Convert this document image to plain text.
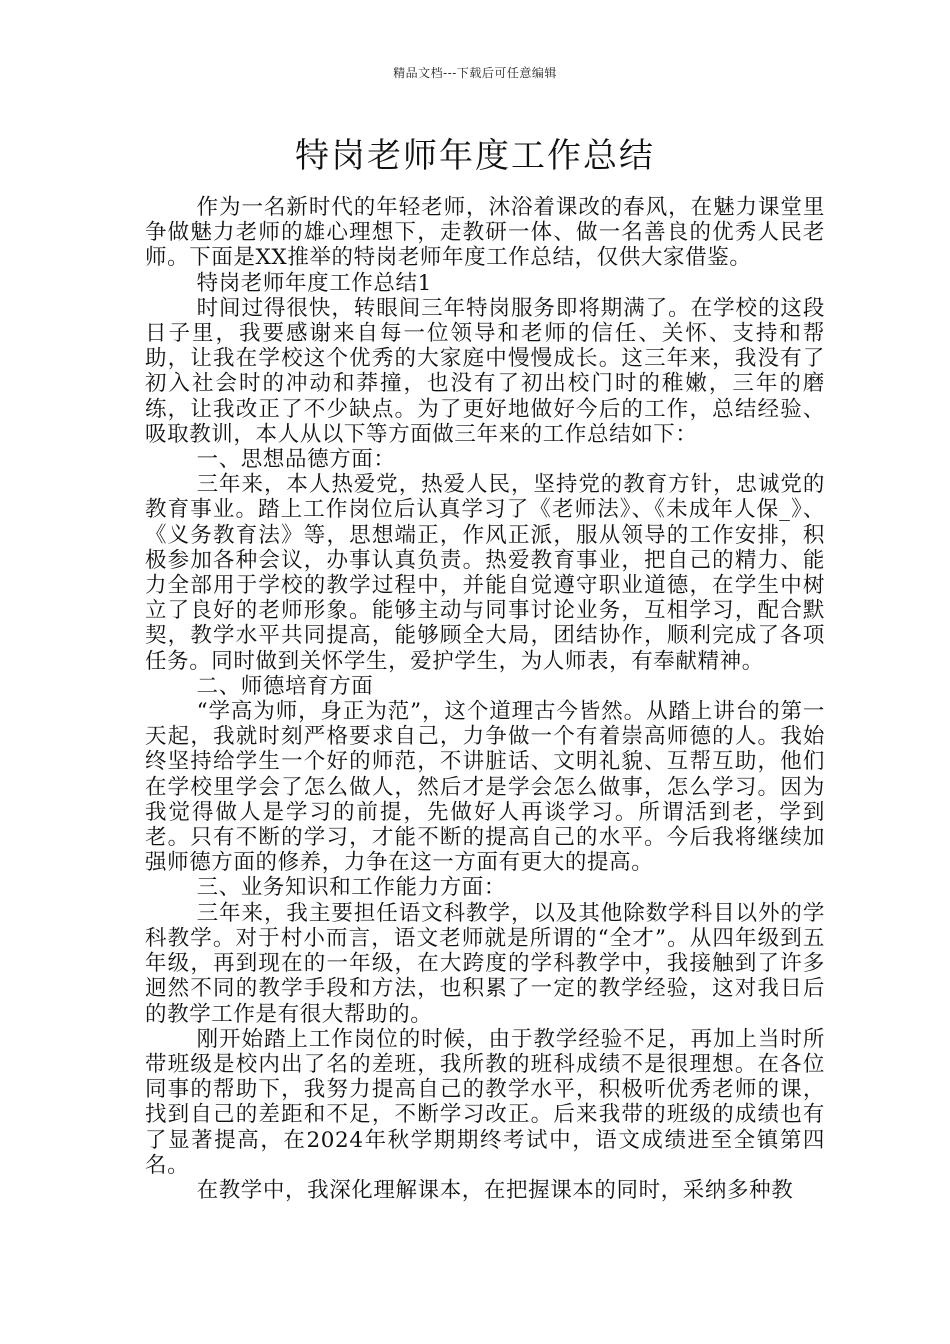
精品文档---下载后可任意编辑
特岗老师年度工作总结

作为一名新时代的年轻老师，沐浴着课改的春风，在魅力课堂里争做魅力老师的雄心理想下，走教研一体、做一名善良的优秀人民老师。下面是XX推举的特岗老师年度工作总结，仅供大家借鉴。

特岗老师年度工作总结1

时间过得很快，转眼间三年特岗服务即将期满了。在学校的这段日子里，我要感谢来自每一位领导和老师的信任、关怀、支持和帮助，让我在学校这个优秀的大家庭中慢慢成长。这三年来，我没有了初入社会时的冲动和莽撞，也没有了初出校门时的稚嫩，三年的磨练，让我改正了不少缺点。为了更好地做好今后的工作，总结经验、吸取教训，本人从以下等方面做三年来的工作总结如下：

一、思想品德方面：

三年来，本人热爱党，热爱人民，坚持党的教育方针，忠诚党的教育事业。踏上工作岗位后认真学习了《老师法》、《未成年人保_》、《义务教育法》等，思想端正，作风正派，服从领导的工作安排，积极参加各种会议，办事认真负责。热爱教育事业，把自己的精力、能力全部用于学校的教学过程中，并能自觉遵守职业道德，在学生中树立了良好的老师形象。能够主动与同事讨论业务，互相学习，配合默契，教学水平共同提高，能够顾全大局，团结协作，顺利完成了各项任务。同时做到关怀学生，爱护学生，为人师表，有奉献精神。

二、师德培育方面

“学高为师，身正为范”，这个道理古今皆然。从踏上讲台的第一天起，我就时刻严格要求自己，力争做一个有着崇高师德的人。我始终坚持给学生一个好的师范，不讲脏话、文明礼貌、互帮互助，他们在学校里学会了怎么做人，然后才是学会怎么做事，怎么学习。因为我觉得做人是学习的前提，先做好人再谈学习。所谓活到老，学到老。只有不断的学习，才能不断的提高自己的水平。今后我将继续加强师德方面的修养，力争在这一方面有更大的提高。

三、业务知识和工作能力方面：

三年来，我主要担任语文科教学，以及其他除数学科目以外的学科教学。对于村小而言，语文老师就是所谓的“全才”。从四年级到五年级，再到现在的一年级，在大跨度的学科教学中，我接触到了许多迥然不同的教学手段和方法，也积累了一定的教学经验，这对我日后的教学工作是有很大帮助的。

刚开始踏上工作岗位的时候，由于教学经验不足，再加上当时所带班级是校内出了名的差班，我所教的班科成绩不是很理想。在各位同事的帮助下，我努力提高自己的教学水平，积极听优秀老师的课，找到自己的差距和不足，不断学习改正。后来我带的班级的成绩也有了显著提高，在2024年秋学期期终考试中，语文成绩进至全镇第四名。

在教学中，我深化理解课本，在把握课本的同时，采纳多种教
